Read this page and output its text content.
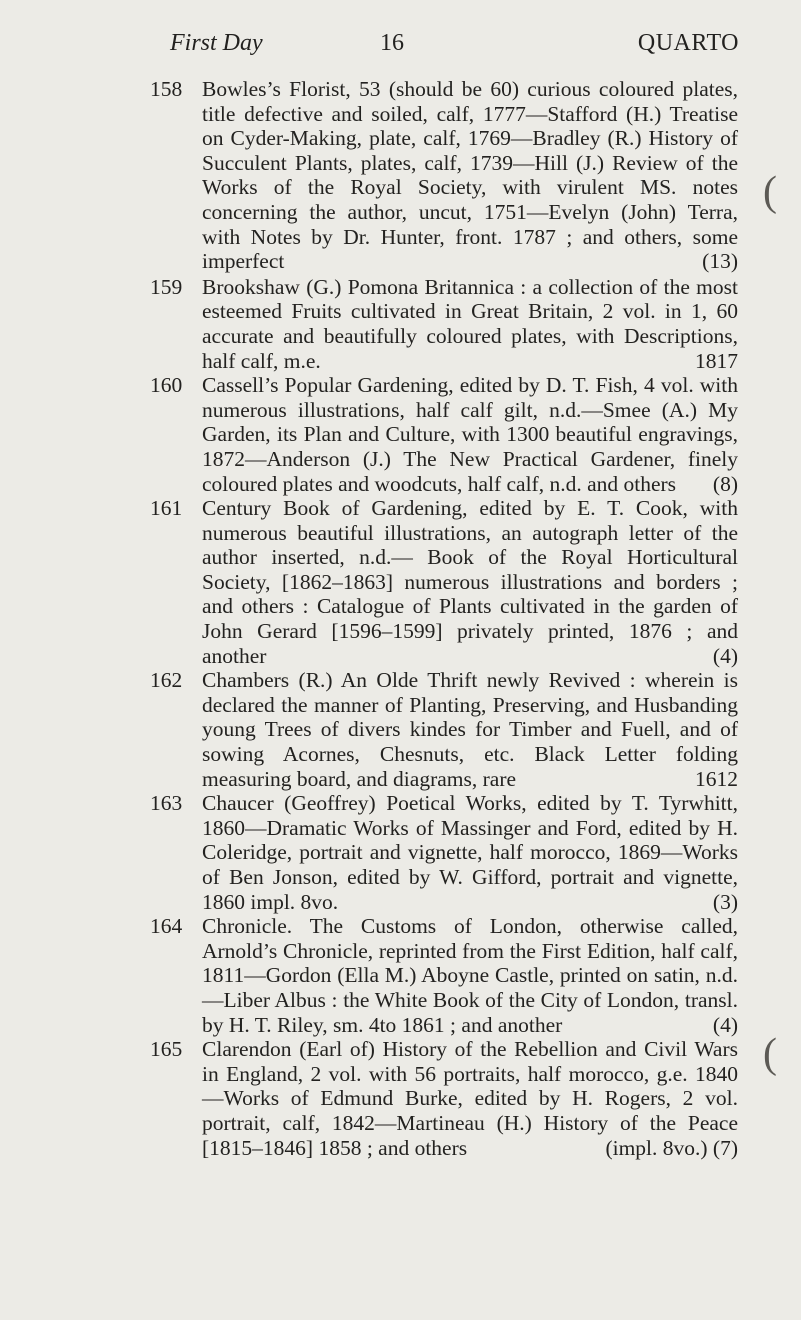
First Day	16	QUARTO
158 Bowles’s Florist, 53 (should be 60) curious coloured plates, title defective and soiled, calf, 1777—Stafford (H.) Treatise on Cyder-Making, plate, calf, 1769—Bradley (R.) History of Succulent Plants, plates, calf, 1739—Hill (J.) Review of the Works of the Royal Society, with virulent MS. notes concerning the author, uncut, 1751—Evelyn (John) Terra, with Notes by Dr. Hunter, front. 1787 ; and others, some imperfect	(13)
159 Brookshaw (G.) Pomona Britannica : a collection of the most esteemed Fruits cultivated in Great Britain, 2 vol. in 1, 60 accurate and beautifully coloured plates, with Descriptions, half calf, m.e.	1817
160 Cassell’s Popular Gardening, edited by D. T. Fish, 4 vol. with numerous illustrations, half calf gilt, n.d.—Smee (A.) My Garden, its Plan and Culture, with 1300 beautiful engravings, 1872—Anderson (J.) The New Practical Gardener, finely coloured plates and woodcuts, half calf, n.d. and others (8)
161 Century Book of Gardening, edited by E. T. Cook, with numerous beautiful illustrations, an autograph letter of the author inserted, n.d.— Book of the Royal Horticultural Society, [1862–1863] numerous illustrations and borders ; and others : Catalogue of Plants cultivated in the garden of John Gerard [1596–1599] privately printed, 1876 ; and another	(4)
162 Chambers (R.) An Olde Thrift newly Revived : wherein is declared the manner of Planting, Preserving, and Husbanding young Trees of divers kindes for Timber and Fuell, and of sowing Acornes, Chesnuts, etc. Black Letter folding measuring board, and diagrams, rare	1612
163 Chaucer (Geoffrey) Poetical Works, edited by T. Tyrwhitt, 1860—Dramatic Works of Massinger and Ford, edited by H. Coleridge, portrait and vignette, half morocco, 1869—Works of Ben Jonson, edited by W. Gifford, portrait and vignette, 1860 impl. 8vo.	(3)
164 Chronicle. The Customs of London, otherwise called, Arnold’s Chronicle, reprinted from the First Edition, half calf, 1811—Gordon (Ella M.) Aboyne Castle, printed on satin, n.d.—Liber Albus : the White Book of the City of London, transl. by H. T. Riley, sm. 4to 1861 ; and another	(4)
165 Clarendon (Earl of) History of the Rebellion and Civil Wars in England, 2 vol. with 56 portraits, half morocco, g.e. 1840—Works of Edmund Burke, edited by H. Rogers, 2 vol. portrait, calf, 1842—Martineau (H.) History of the Peace [1815–1846] 1858 ; and others	(impl. 8vo.) (7)
(
(
